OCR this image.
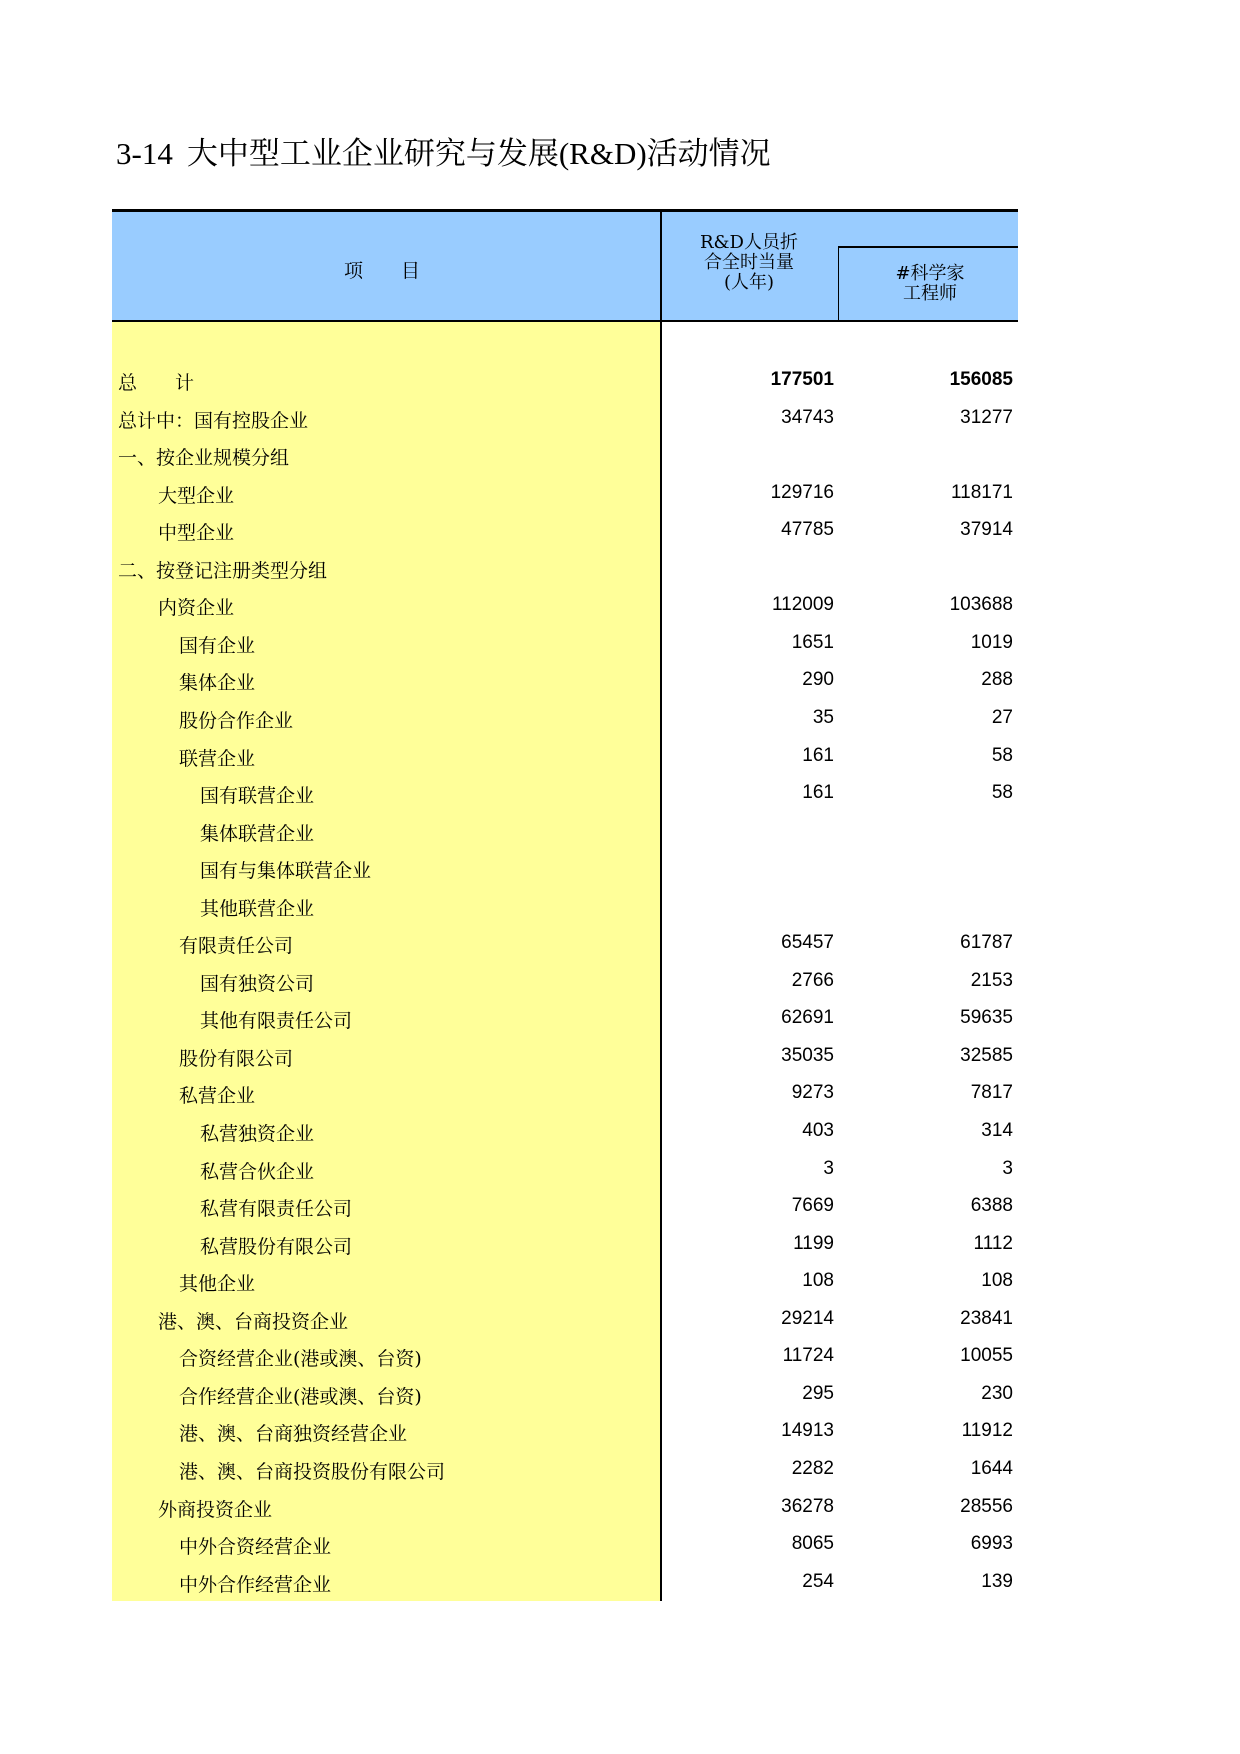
3-14 大中型工业企业研究与发展(R&D)活动情况
项　　目
R&D人员折
合全时当量
(人年)	#科学家
工程师
总　　计	177501	156085
总计中：国有控股企业	34743	31277
一、按企业规模分组
大型企业	129716	118171
中型企业	47785	37914
二、按登记注册类型分组
内资企业	112009	103688
国有企业	1651	1019
集体企业	290	288
股份合作企业	35	27
联营企业	161	58
国有联营企业	161	58
集体联营企业
国有与集体联营企业
其他联营企业
有限责任公司	65457	61787
国有独资公司	2766	2153
其他有限责任公司	62691	59635
股份有限公司	35035	32585
私营企业	9273	7817
私营独资企业	403	314
私营合伙企业	3	3
私营有限责任公司	7669	6388
私营股份有限公司	1199	1112
其他企业	108	108
港、澳、台商投资企业	29214	23841
合资经营企业(港或澳、台资)	11724	10055
合作经营企业(港或澳、台资)	295	230
港、澳、台商独资经营企业	14913	11912
港、澳、台商投资股份有限公司	2282	1644
外商投资企业	36278	28556
中外合资经营企业	8065	6993
中外合作经营企业	254	139
